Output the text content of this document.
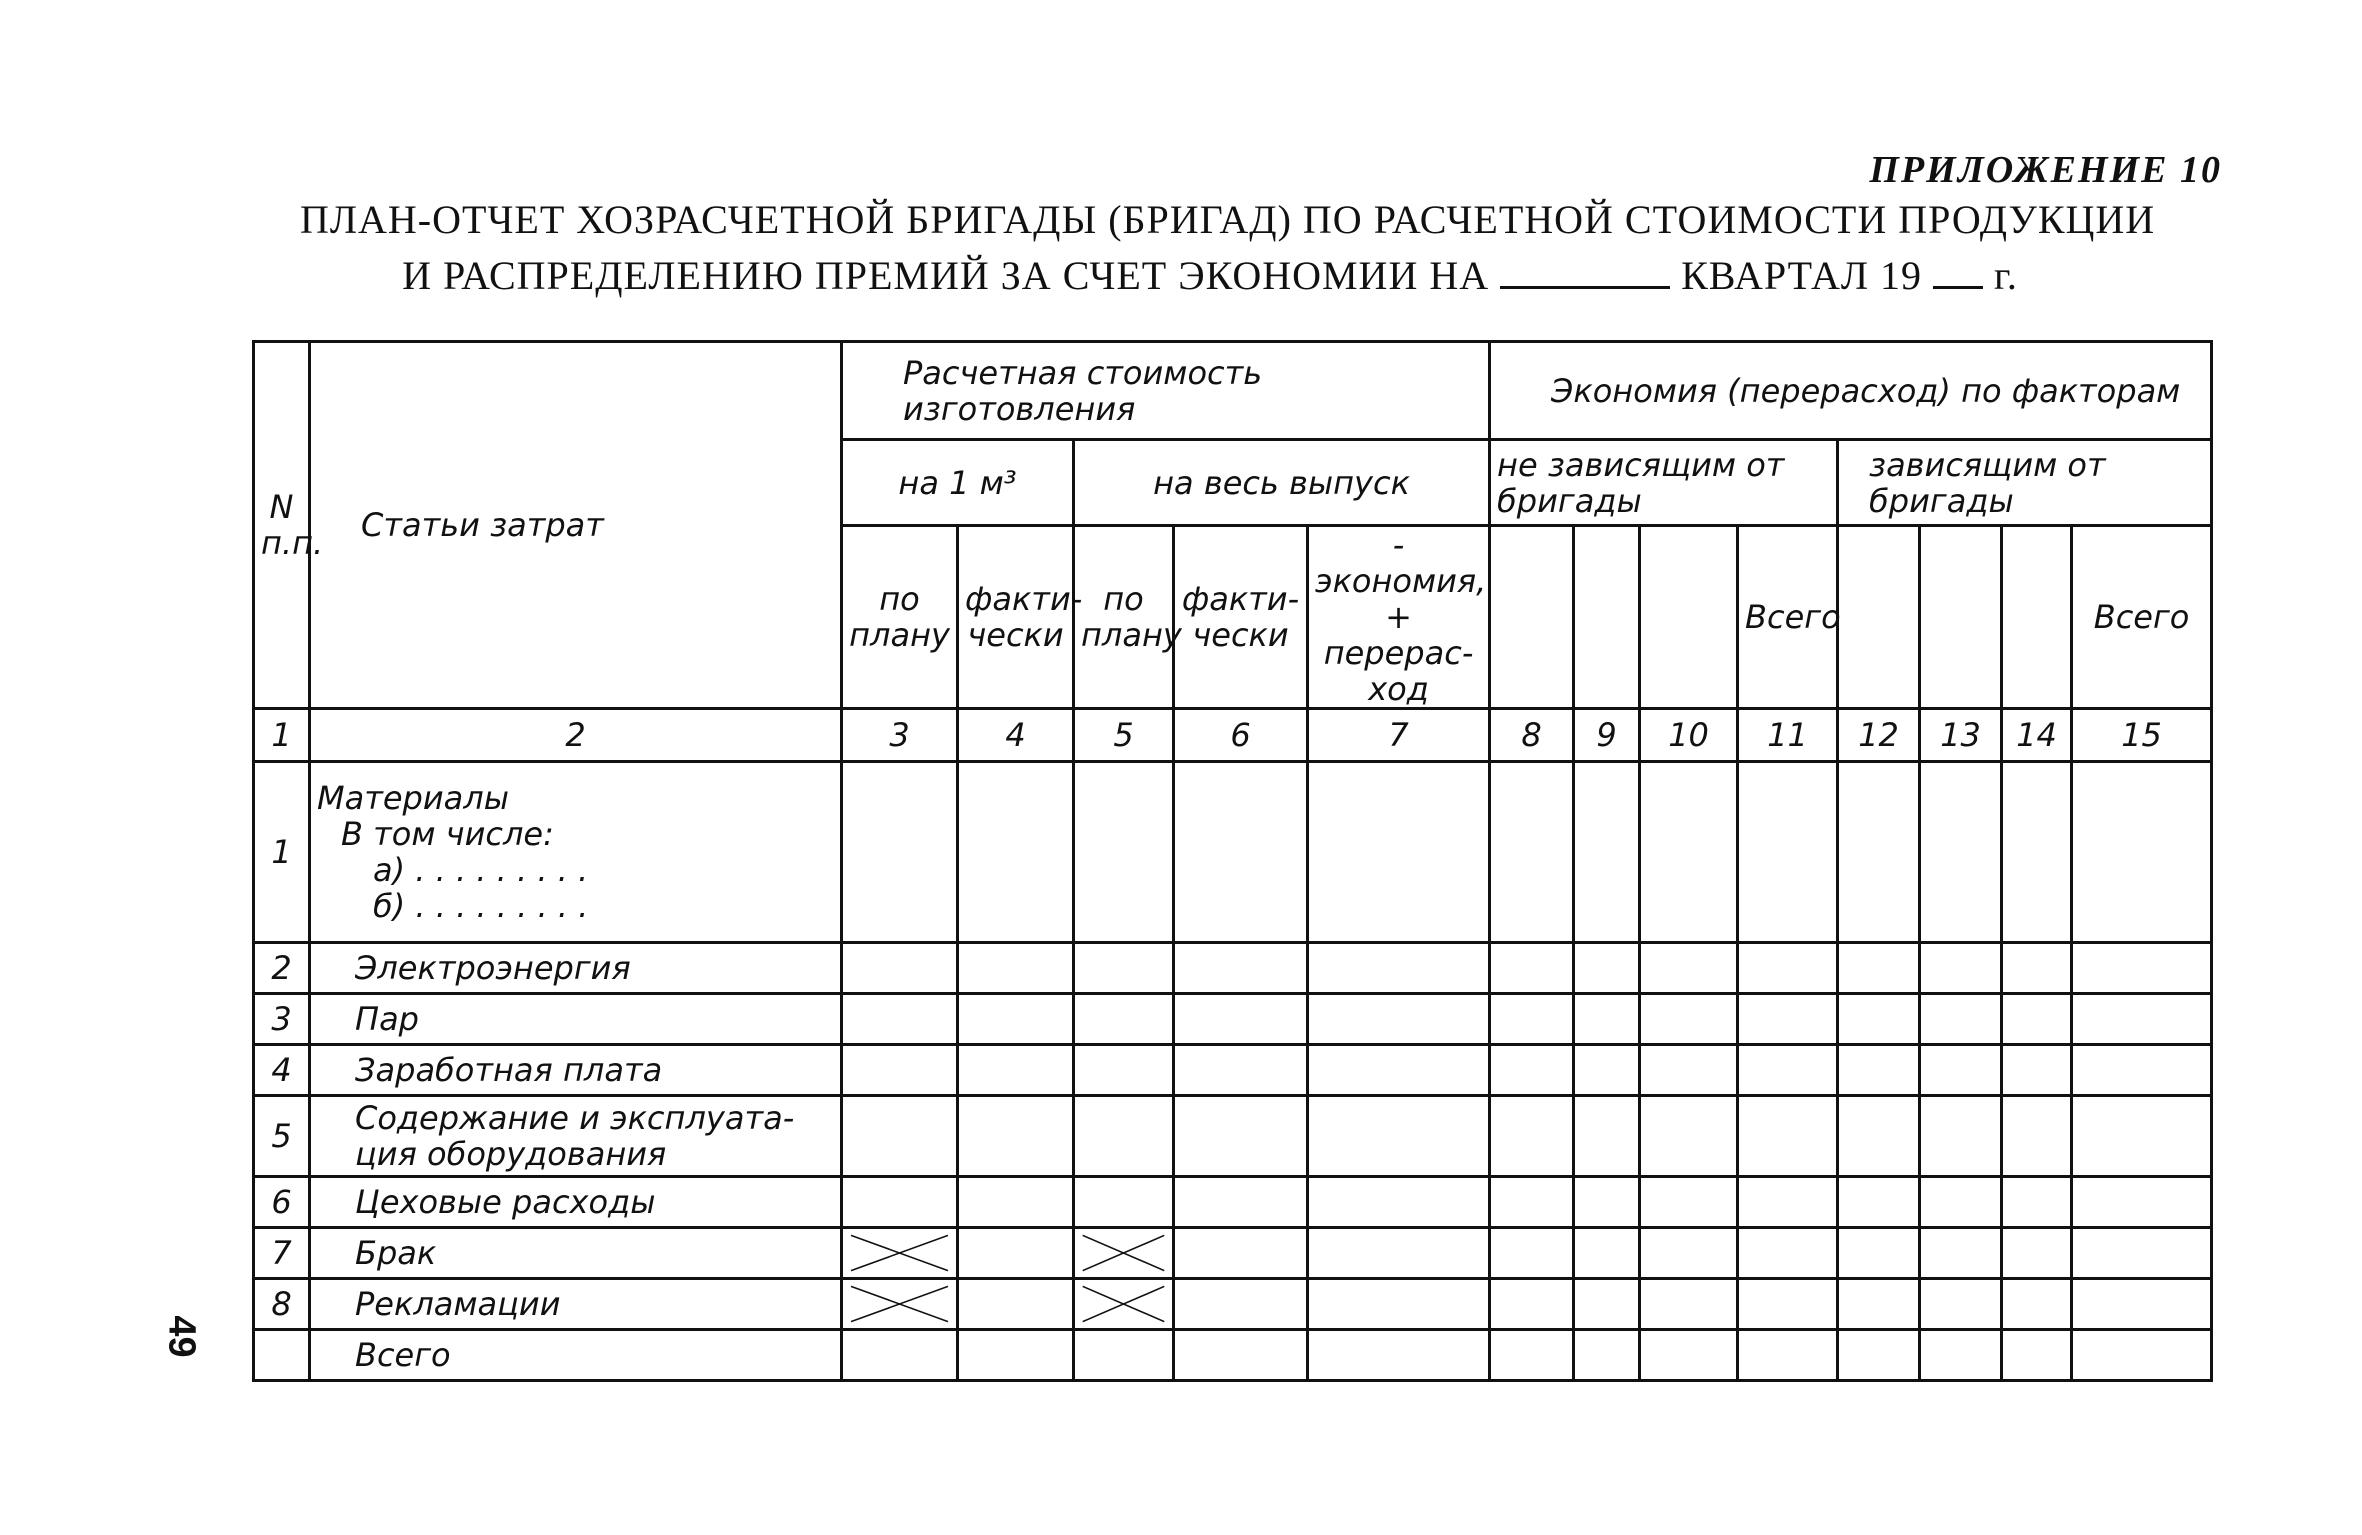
ПРИЛОЖЕНИЕ 10
ПЛАН-ОТЧЕТ ХОЗРАСЧЕТНОЙ БРИГАДЫ (БРИГАД) ПО РАСЧЕТНОЙ СТОИМОСТИ ПРОДУКЦИИ
И РАСПРЕДЕЛЕНИЮ ПРЕМИЙ ЗА СЧЕТ ЭКОНОМИИ НА	КВАРТАЛ 19 г.
N п.п.	Статьи затрат	Расчетная стоимость изготовления					Экономия (перерасход) по факторам							
		на 1 м³		на весь выпуск			не зависящим от бригады				зависящим от бригады			
		по плану	факти-чески	по плану	факти-чески	- экономия, + перерас-ход				Всего				Всего
1	2	3	4	5	6	7	8	9	10	11	12	13	14	15
1	Материалы
В том числе:
а) . . . . . . . . .
б) . . . . . . . . .													

2	Электроэнергия													
3	Пар													
4	Заработная плата													
5	Содержание и эксплуата-ция оборудования													
6	Цеховые расходы													
7	Брак	

8	Рекламации	

	Всего													
49
